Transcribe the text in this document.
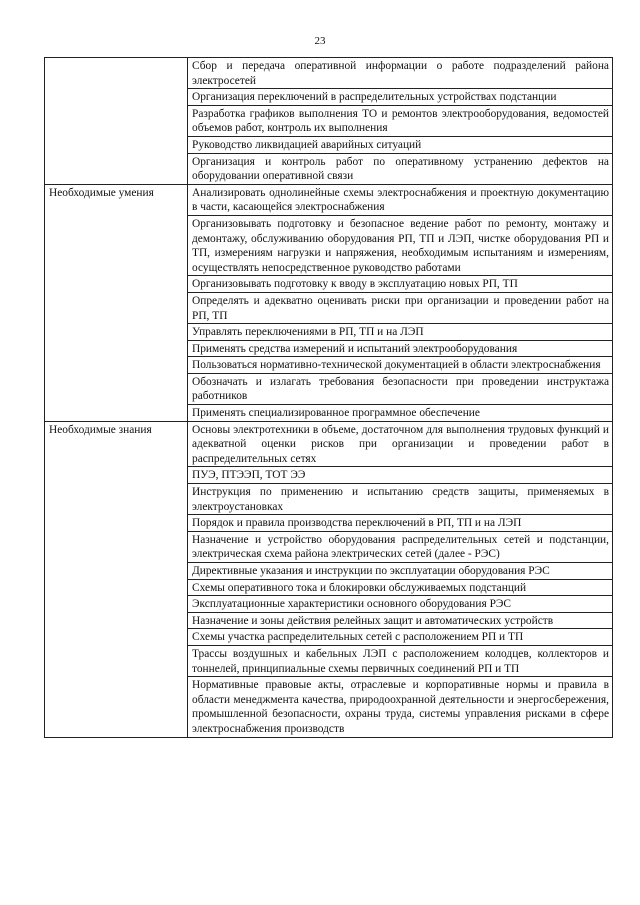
23
	Сбор и передача оперативной информации о работе подразделений района электросетей
	Организация переключений в распределительных устройствах подстанции
	Разработка графиков выполнения ТО и ремонтов электрооборудования, ведомостей объемов работ, контроль их выполнения
	Руководство ликвидацией аварийных ситуаций
	Организация и контроль работ по оперативному устранению дефектов на оборудовании оперативной связи
Необходимые умения	Анализировать однолинейные схемы электроснабжения и проектную документацию в части, касающейся электроснабжения
	Организовывать подготовку и безопасное ведение работ по ремонту, монтажу и демонтажу, обслуживанию оборудования РП, ТП и ЛЭП, чистке оборудования РП и ТП, измерениям нагрузки и напряжения, необходимым испытаниям и измерениям, осуществлять непосредственное руководство работами
	Организовывать подготовку к вводу в эксплуатацию новых РП, ТП
	Определять и адекватно оценивать риски при организации и проведении работ на РП, ТП
	Управлять переключениями в РП, ТП и на ЛЭП
	Применять средства измерений и испытаний электрооборудования
	Пользоваться нормативно-технической документацией в области электроснабжения
	Обозначать и излагать требования безопасности при проведении инструктажа работников
	Применять специализированное программное обеспечение
Необходимые знания	Основы электротехники в объеме, достаточном для выполнения трудовых функций и адекватной оценки рисков при организации и проведении работ в распределительных сетях
	ПУЭ, ПТЭЭП, ТОТ ЭЭ
	Инструкция по применению и испытанию средств защиты, применяемых в электроустановках
	Порядок и правила производства переключений в РП, ТП и на ЛЭП
	Назначение и устройство оборудования распределительных сетей и подстанции, электрическая схема района электрических сетей (далее - РЭС)
	Директивные указания и инструкции по эксплуатации оборудования РЭС
	Схемы оперативного тока и блокировки обслуживаемых подстанций
	Эксплуатационные характеристики основного оборудования РЭС
	Назначение и зоны действия релейных защит и автоматических устройств
	Схемы участка распределительных сетей с расположением РП и ТП
	Трассы воздушных и кабельных ЛЭП с расположением колодцев, коллекторов и тоннелей, принципиальные схемы первичных соединений РП и ТП
	Нормативные правовые акты, отраслевые и корпоративные нормы и правила в области менеджмента качества, природоохранной деятельности и энергосбережения, промышленной безопасности, охраны труда, системы управления рисками в сфере электроснабжения производств
